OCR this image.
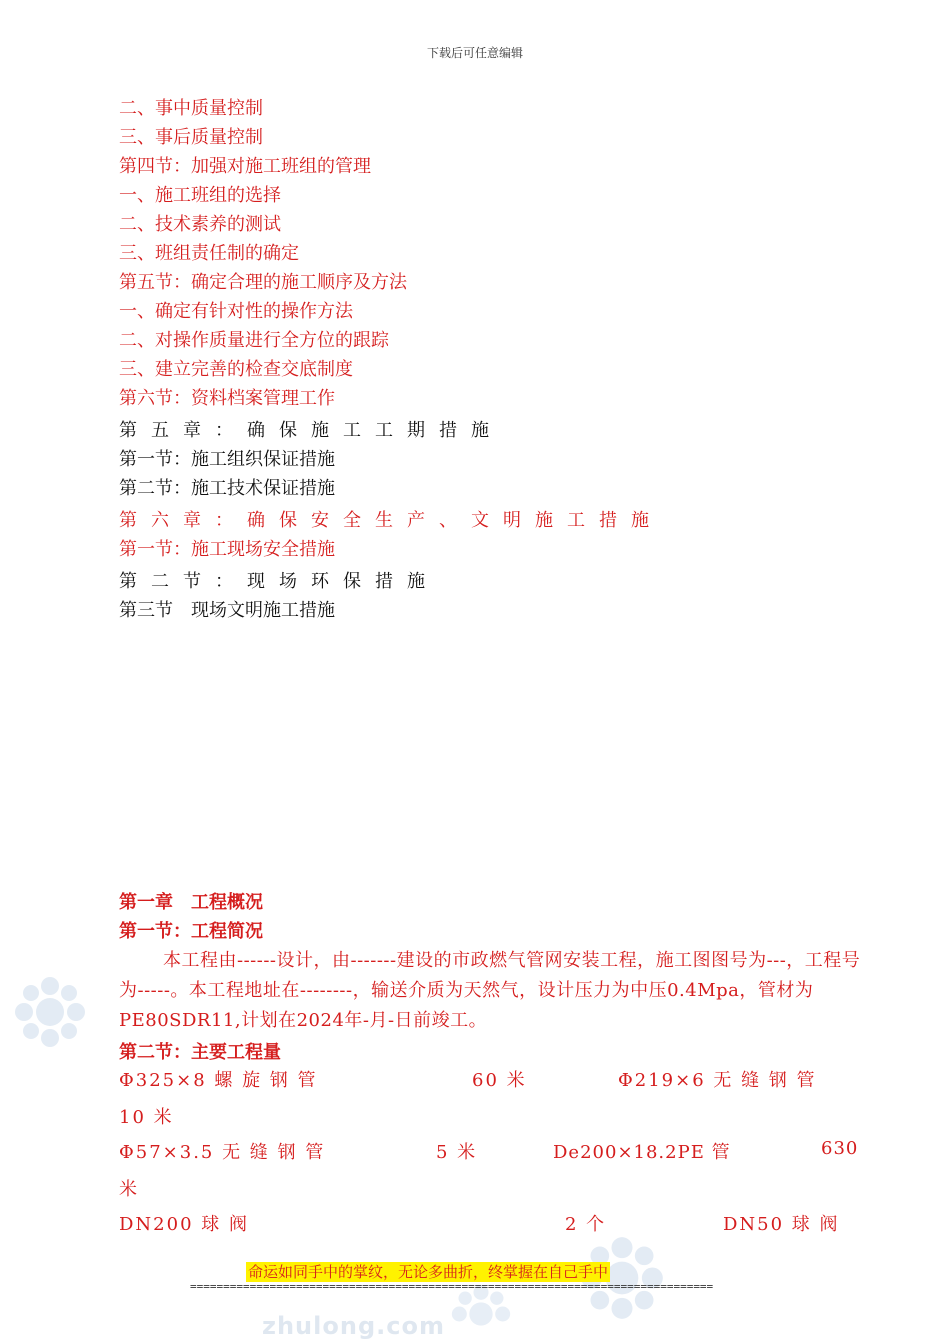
下载后可任意编辑
二、事中质量控制
三、事后质量控制
第四节：加强对施工班组的管理
一、施工班组的选择
二、技术素养的测试
三、班组责任制的确定
第五节：确定合理的施工顺序及方法
一、确定有针对性的操作方法
二、对操作质量进行全方位的跟踪
三、建立完善的检查交底制度
第六节：资料档案管理工作
第五章：确保施工工期措施
第一节：施工组织保证措施
第二节：施工技术保证措施
第六章：确保安全生产、文明施工措施
第一节：施工现场安全措施
第二节：现场环保措施
第三节　现场文明施工措施
第一章　工程概况
第一节：工程简况
本工程由------设计，由-------建设的市政燃气管网安装工程，施工图图号为---，工程号为-----。本工程地址在--------，输送介质为天然气，设计压力为中压0.4Mpa，管材为PE80SDR11,计划在2024年-月-日前竣工。
第二节：主要工程量
Φ325×8 螺 旋 钢 管	60 米	Φ219×6 无 缝 钢 管
10 米
Φ57×3.5 无 缝 钢 管	5 米	De200×18.2PE 管	630
米
DN200 球 阀	2 个	DN50 球 阀
命运如同手中的掌纹，无论多曲折，终掌握在自己手中
===============================================================================
zhulong.com
